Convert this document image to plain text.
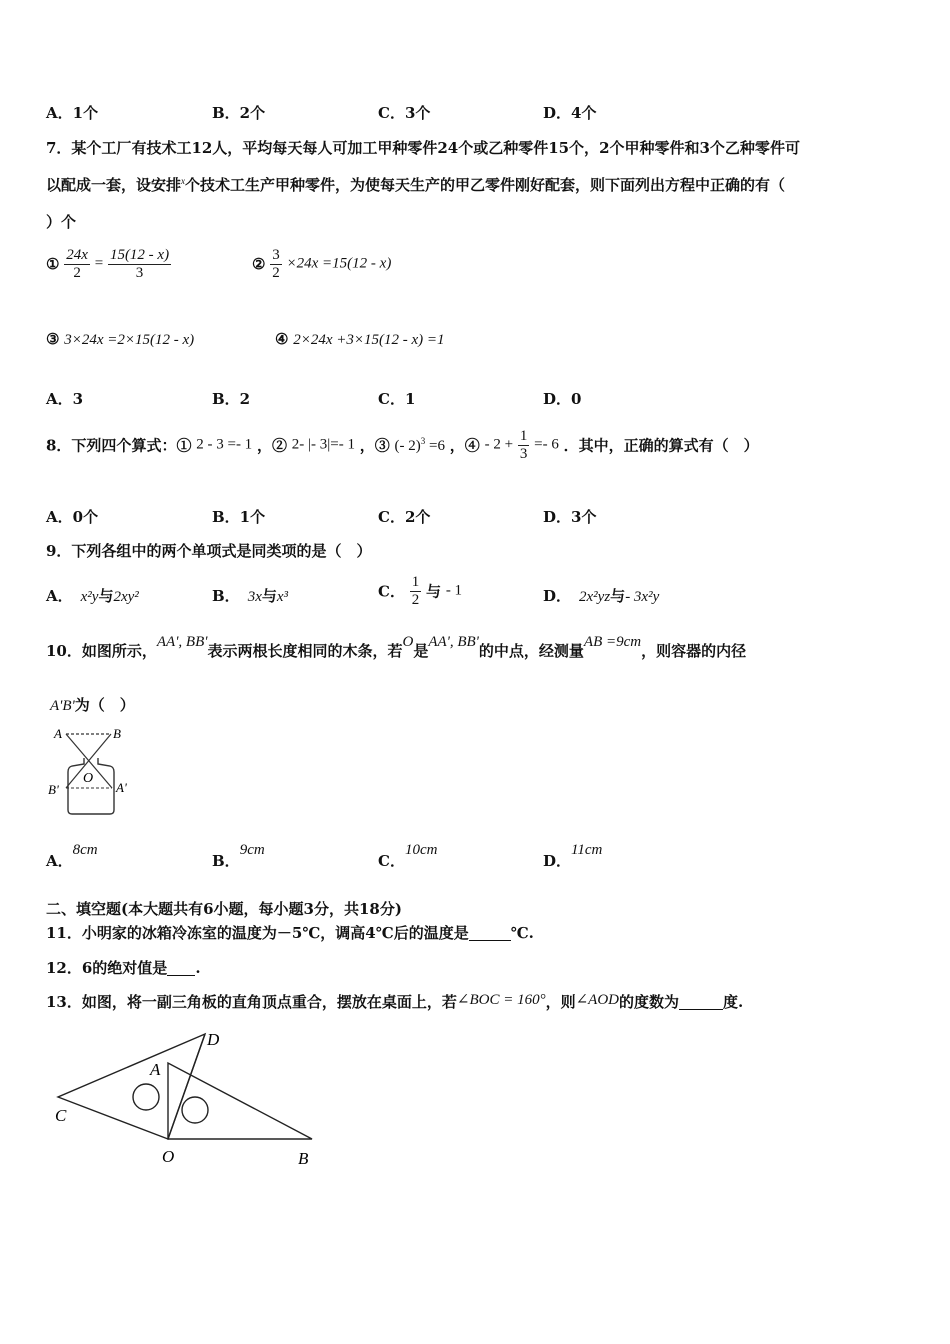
A．1个	B．2个	C．3个	D．4个
7．某个工厂有技术工12人，平均每天每人可加工甲种零件24个或乙种零件15个，2个甲种零件和3个乙种零件可
以配成一套，设安排$^x$个技术工生产甲种零件，为使每天生产的甲乙零件刚好配套，则下面列出方程中正确的有（
）个
① $\frac{24x}{2} = \frac{15(12 - x)}{3}$	② $\frac{3}{2} \times 24x =15(12 - x)$
③ 3×24x =2×15(12 - x)	④ 2×24x +3×15(12 - x) =1
A．3	B．2	C．1	D．0
8．下列四个算式：① 2 - 3 =- 1 ，② 2- |- 3|=- 1 ，③ (- 2)$^3$ =6 ，④ - $2 + \frac{1}{3} =- 6$ ．其中，正确的算式有（　）
A．0个	B．1个	C．2个	D．3个
9．下列各组中的两个单项式是同类项的是（　）
A． x²y与2xy²	B． 3x与x³	C． $\frac{1}{2}$ 与 - 1	D． 2x²yz与- 3x²y
10．如图所示，AA', BB'表示两根长度相同的木条，若O是AA', BB'的中点，经测量AB =9cm，则容器的内径
A'B'为（　）
A	B
O
B'	A'
A．8cm
B．9cm
C．10cm
D．11cm
二、填空题(本大题共有6小题，每小题3分，共18分)
11．小明家的冰箱冷冻室的温度为－5℃，调高4℃后的温度是	℃.
12．6的绝对值是 .
13．如图，将一副三角板的直角顶点重合，摆放在桌面上，若∠BOC = 160°，则∠AOD的度数为	度.
D
A
C
O	B
